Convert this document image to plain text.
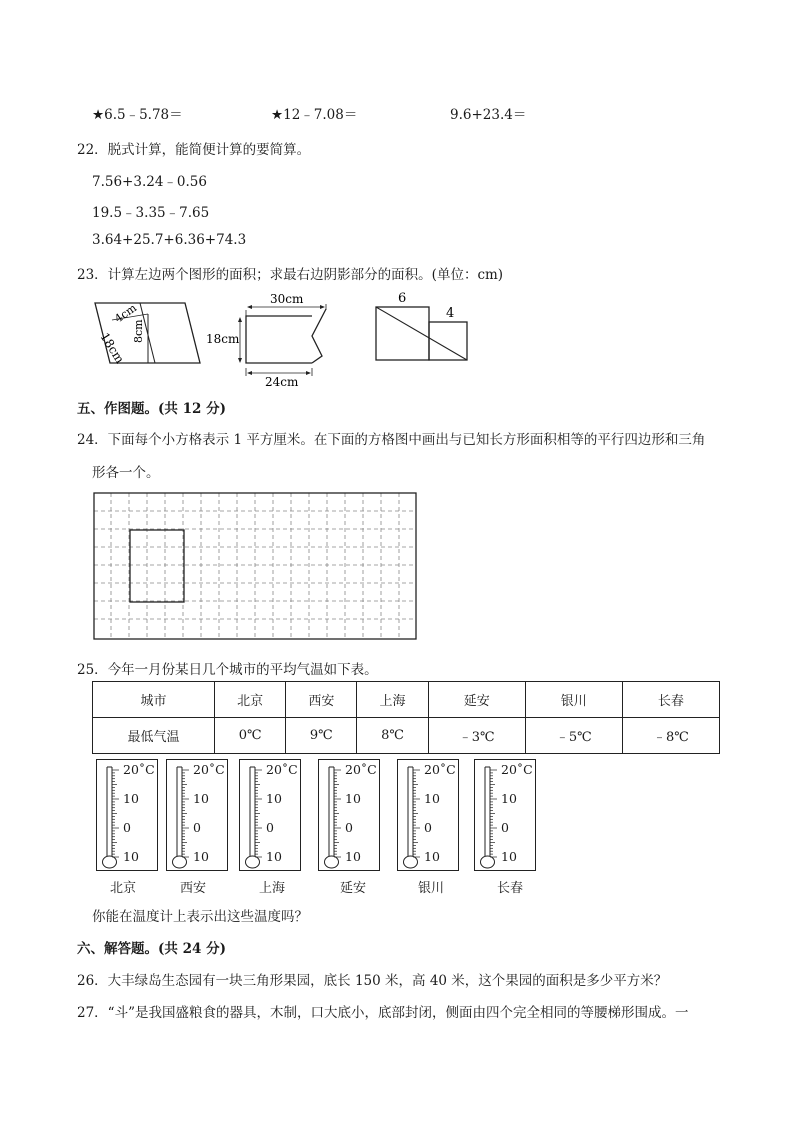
★6.5﹣5.78＝	★12﹣7.08＝	9.6+23.4＝
22．脱式计算，能简便计算的要简算。
7.56+3.24﹣0.56
19.5﹣3.35﹣7.65
3.64+25.7+6.36+74.3
23．计算左边两个图形的面积；求最右边阴影部分的面积。(单位：cm)
8cm
4cm
18cm
30cm
18cm
24cm
6
4
五、作图题。(共 12 分)
24．下面每个小方格表示 1 平方厘米。在下面的方格图中画出与已知长方形面积相等的平行四边形和三角
形各一个。
25．今年一月份某日几个城市的平均气温如下表。
城市	北京	西安	上海	延安	银川	长春
最低气温	0℃	9℃	8℃	﹣3℃	﹣5℃	﹣8℃
20˚C
10
0
10
20˚C
10
0
10
20˚C
10
0
10
20˚C
10
0
10
20˚C
10
0
10
20˚C
10
0
10
北京	西安	上海	延安	银川	长春
你能在温度计上表示出这些温度吗？
六、解答题。(共 24 分)
26．大丰绿岛生态园有一块三角形果园，底长 150 米，高 40 米，这个果园的面积是多少平方米？
27．“斗”是我国盛粮食的器具，木制，口大底小，底部封闭，侧面由四个完全相同的等腰梯形围成。一
